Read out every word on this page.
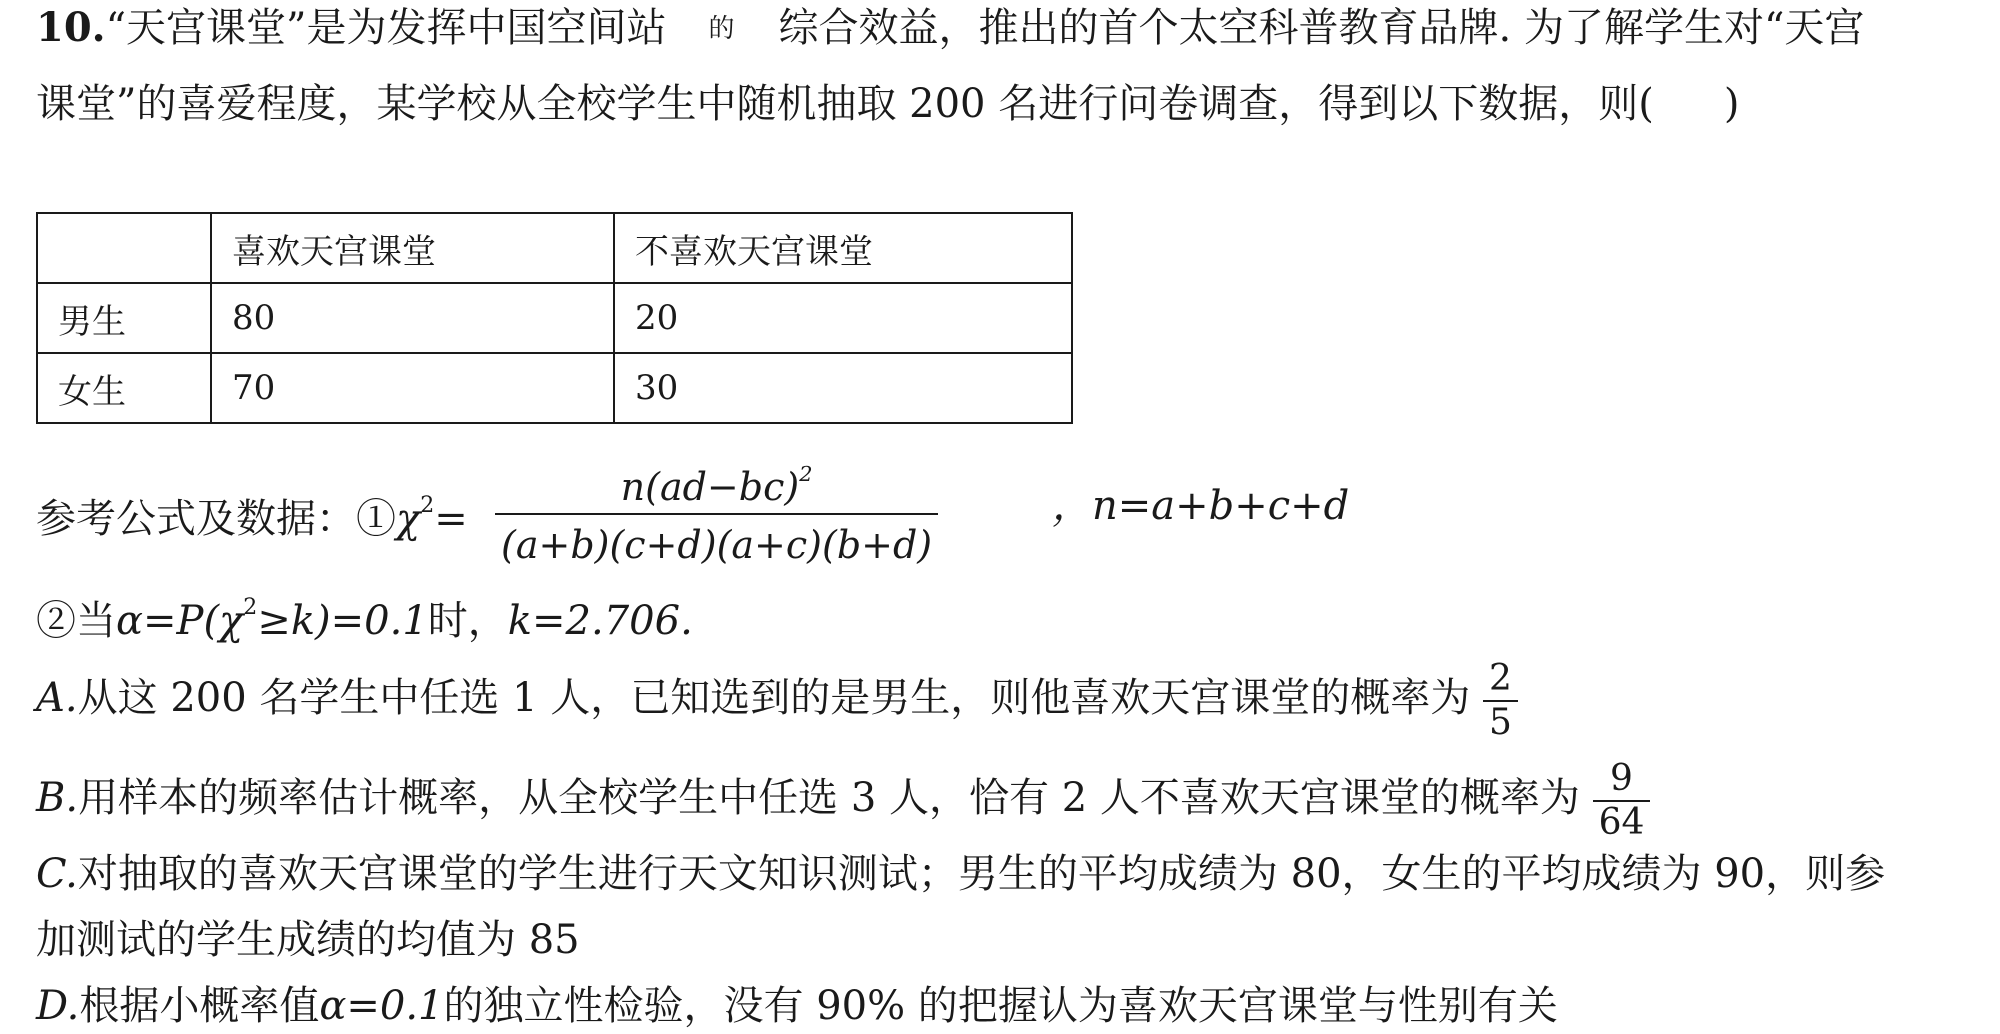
10.“天宫课堂”是为发挥中国空间站 的 综合效益，推出的首个太空科普教育品牌. 为了解学生对“天宫
课堂”的喜爱程度，某学校从全校学生中随机抽取 200 名进行问卷调查，得到以下数据，则( )
	喜欢天宫课堂	不喜欢天宫课堂
男生	80	20
女生	70	30
参考公式及数据：$①\chi^2=$
$n(ad-bc)^2$
(a+b)(c+d)(a+c)(b+d)
，n=a+b+c+d
②当$\alpha=P(\chi^2\ge k)=0.1$时，k=2.706.
A.从这 200 名学生中任选 1 人，已知选到的是男生，则他喜欢天宫课堂的概率为 $\frac{2}{5}$
B.用样本的频率估计概率，从全校学生中任选 3 人，恰有 2 人不喜欢天宫课堂的概率为 $\frac{9}{64}$
C.对抽取的喜欢天宫课堂的学生进行天文知识测试；男生的平均成绩为 80，女生的平均成绩为 90，则参
加测试的学生成绩的均值为 85
D.根据小概率值α=0.1的独立性检验，没有 90% 的把握认为喜欢天宫课堂与性别有关
